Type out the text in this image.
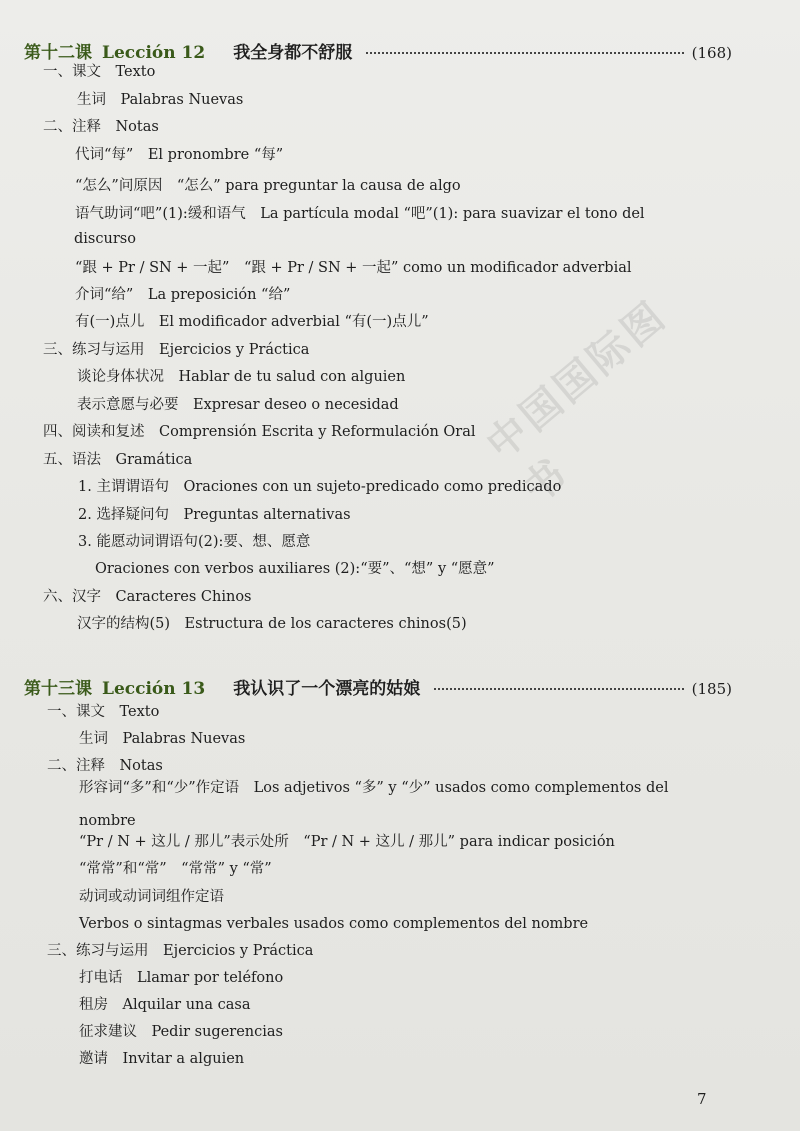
中国国际图书
第十二课 Lección 12 我全身都不舒服	(168)
一、课文　Texto
生词　Palabras Nuevas
二、注释　Notas
代词“每”　El pronombre “每”
“怎么”问原因　“怎么” para preguntar la causa de algo
语气助词“吧”(1):缓和语气　La partícula modal “吧”(1): para suavizar el tono del
discurso
“跟 + Pr / SN + 一起”　“跟 + Pr / SN + 一起” como un modificador adverbial
介词“给”　La preposición “给”
有(一)点儿　El modificador adverbial “有(一)点儿”
三、练习与运用　Ejercicios y Práctica
谈论身体状况　Hablar de tu salud con alguien
表示意愿与必要　Expresar deseo o necesidad
四、阅读和复述　Comprensión Escrita y Reformulación Oral
五、语法　Gramática
1. 主谓谓语句　Oraciones con un sujeto-predicado como predicado
2. 选择疑问句　Preguntas alternativas
3. 能愿动词谓语句(2):要、想、愿意
Oraciones con verbos auxiliares (2):“要”、“想” y “愿意”
六、汉字　Caracteres Chinos
汉字的结构(5)　Estructura de los caracteres chinos(5)
第十三课 Lección 13 我认识了一个漂亮的姑娘	(185)
一、课文　Texto
生词　Palabras Nuevas
二、注释　Notas
形容词“多”和“少”作定语　Los adjetivos “多” y “少” usados como complementos del
nombre
“Pr / N + 这儿 / 那儿”表示处所　“Pr / N + 这儿 / 那儿” para indicar posición
“常常”和“常”　“常常” y “常”
动词或动词词组作定语
Verbos o sintagmas verbales usados como complementos del nombre
三、练习与运用　Ejercicios y Práctica
打电话　Llamar por teléfono
租房　Alquilar una casa
征求建议　Pedir sugerencias
邀请　Invitar a alguien
7
